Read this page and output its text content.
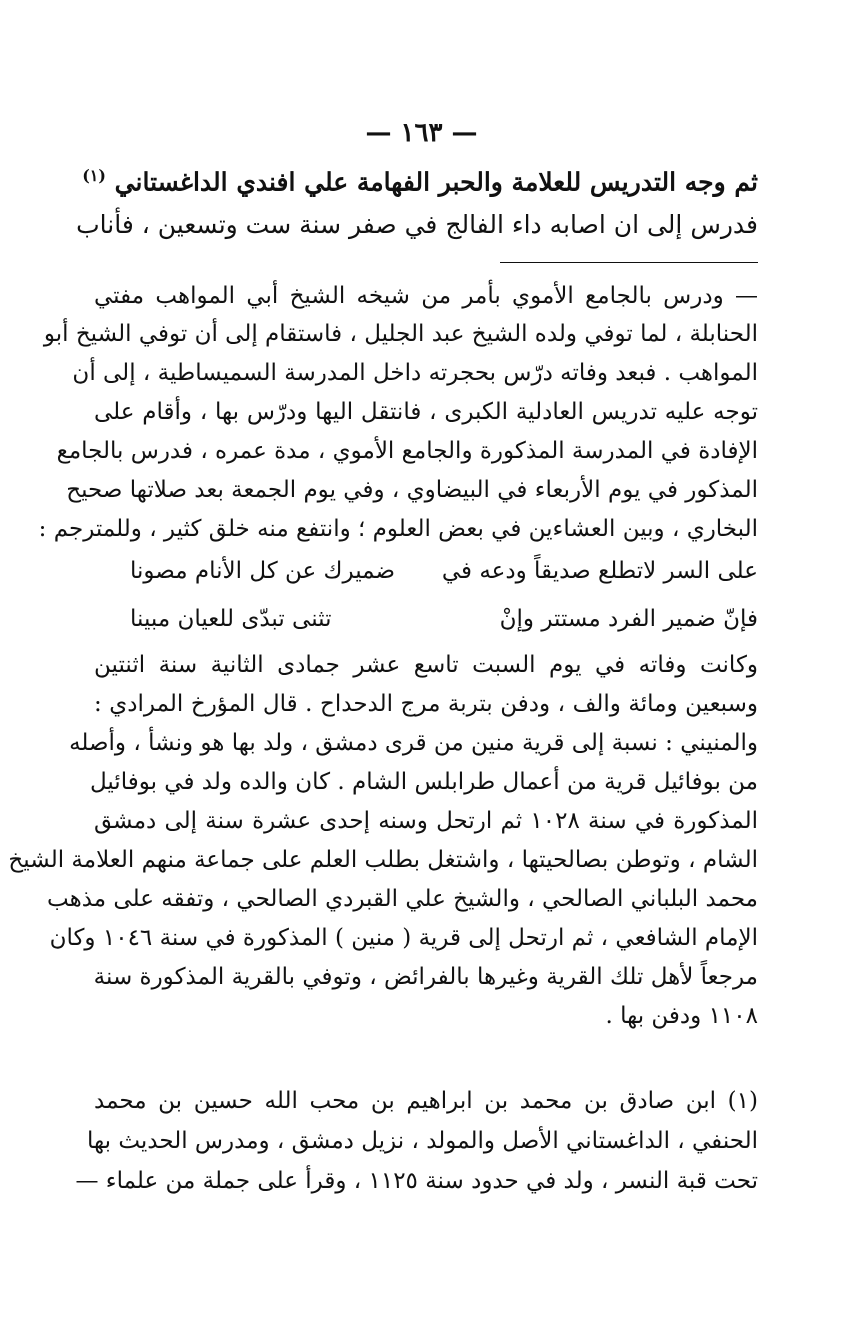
— ١٦٣ —
ثم وجه التدريس للعلامة والحبر الفهامة علي افندي الداغستاني $^{(١)}$
فدرس إلى ان اصابه داء الفالج في صفر سنة ست وتسعين ، فأناب
— ودرس بالجامع الأموي بأمر من شيخه الشيخ أبي المواهب مفتي
الحنابلة ، لما توفي ولده الشيخ عبد الجليل ، فاستقام إلى أن توفي الشيخ أبو
المواهب . فبعد وفاته درّس بحجرته داخل المدرسة السميساطية ، إلى أن
توجه عليه تدريس العادلية الكبرى ، فانتقل اليها ودرّس بها ، وأقام على
الإفادة في المدرسة المذكورة والجامع الأموي ، مدة عمره ، فدرس بالجامع
المذكور في يوم الأربعاء في البيضاوي ، وفي يوم الجمعة بعد صلاتها صحيح
البخاري ، وبين العشاءين في بعض العلوم ؛ وانتفع منه خلق كثير ، وللمترجم :
على السر لاتطلع صديقاً ودعه في
ضميرك عن كل الأنام مصونا
فإنّ ضمير الفرد مستتر وإنْ
تثنى تبدّى للعيان مبينا
وكانت وفاته في يوم السبت تاسع عشر جمادى الثانية سنة اثنتين
وسبعين ومائة والف ، ودفن بتربة مرج الدحداح . قال المؤرخ المرادي :
والمنيني : نسبة إلى قرية منين من قرى دمشق ، ولد بها هو ونشأ ، وأصله
من بوفائيل قرية من أعمال طرابلس الشام . كان والده ولد في بوفائيل
المذكورة في سنة ١٠٢٨ ثم ارتحل وسنه إحدى عشرة سنة إلى دمشق
الشام ، وتوطن بصالحيتها ، واشتغل بطلب العلم على جماعة منهم العلامة الشيخ
محمد البلباني الصالحي ، والشيخ علي القبردي الصالحي ، وتفقه على مذهب
الإمام الشافعي ، ثم ارتحل إلى قرية ( منين ) المذكورة في سنة ١٠٤٦ وكان
مرجعاً لأهل تلك القرية وغيرها بالفرائض ، وتوفي بالقرية المذكورة سنة
١١٠٨ ودفن بها .
(١) ابن صادق بن محمد بن ابراهيم بن محب الله حسين بن محمد
الحنفي ، الداغستاني الأصل والمولد ، نزيل دمشق ، ومدرس الحديث بها
تحت قبة النسر ، ولد في حدود سنة ١١٢٥ ، وقرأ على جملة من علماء —
